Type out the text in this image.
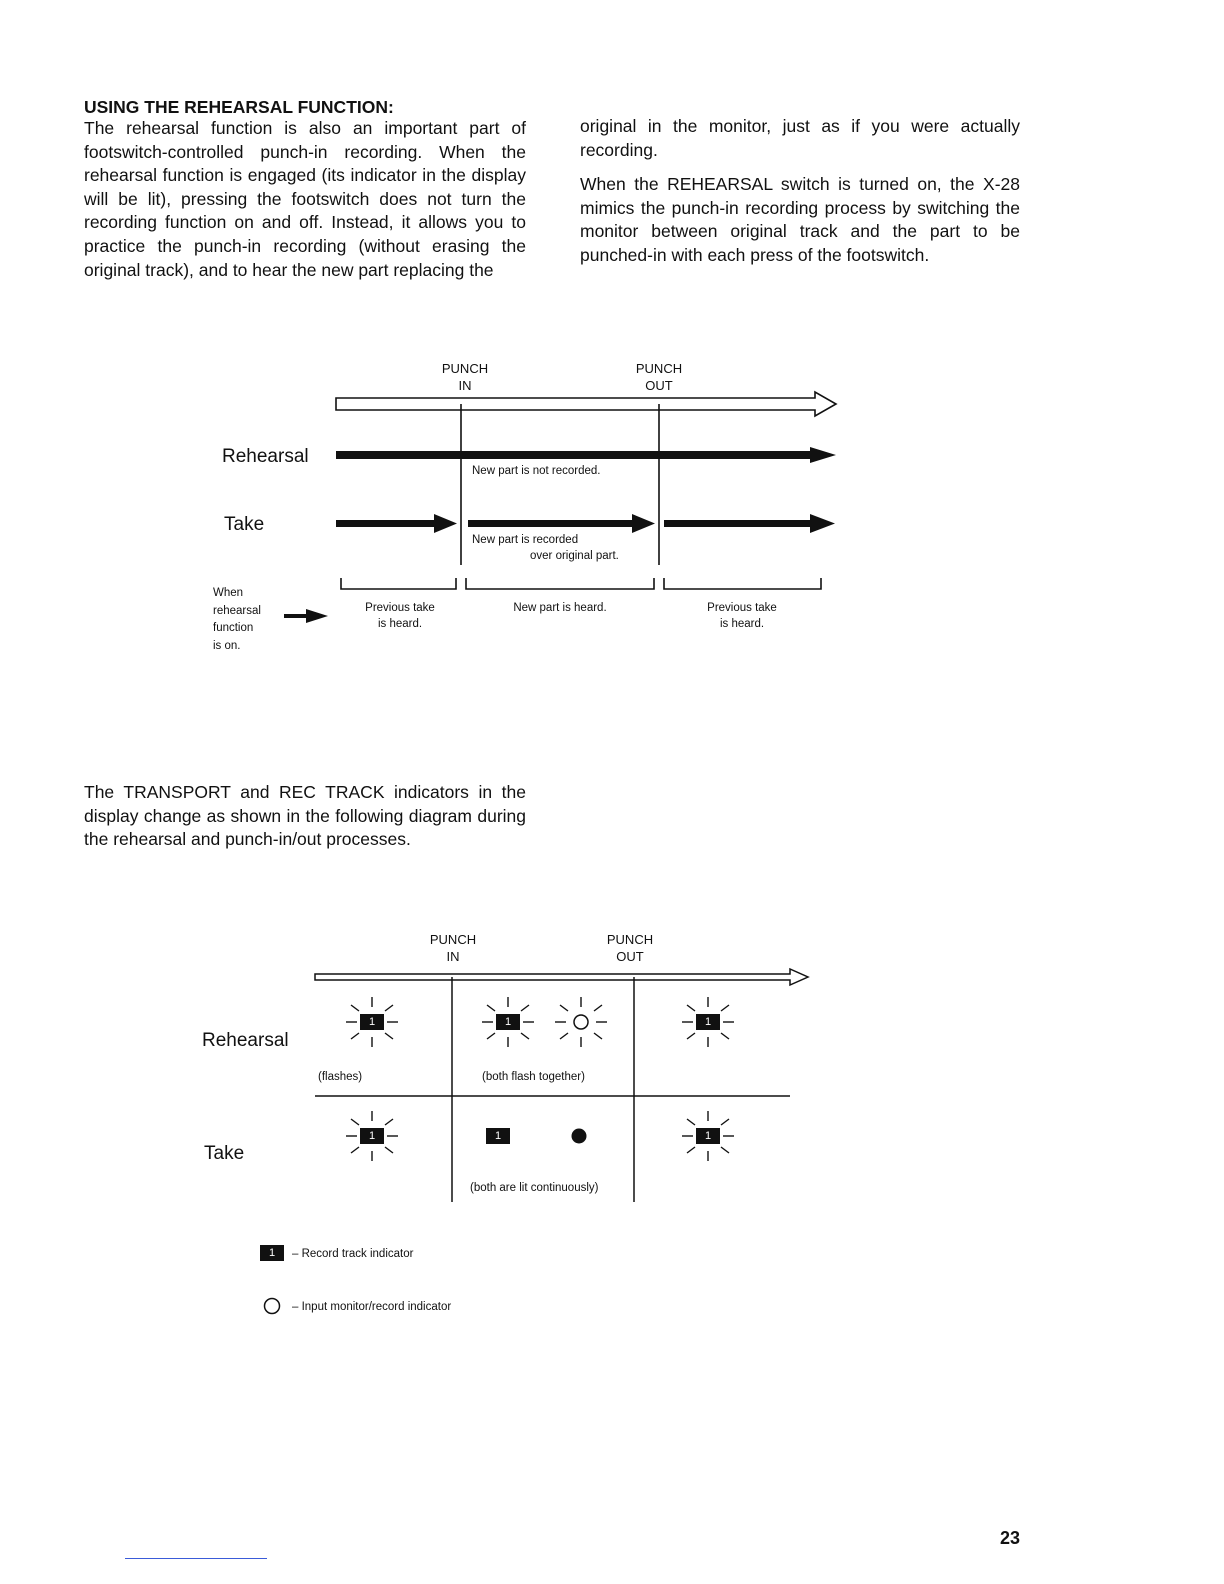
USING THE REHEARSAL FUNCTION:

The rehearsal function is also an important part of footswitch-controlled punch-in recording. When the rehearsal function is engaged (its indicator in the display will be lit), pressing the footswitch does not turn the recording function on and off. Instead, it allows you to practice the punch-in recording (without erasing the original track), and to hear the new part replacing the

original in the monitor, just as if you were actually recording.

When the REHEARSAL switch is turned on, the X-28 mimics the punch-in recording process by switching the monitor between original track and the part to be punched-in with each press of the footswitch.

The TRANSPORT and REC TRACK indicators in the display change as shown in the following diagram during the rehearsal and punch-in/out processes.

PUNCH
IN
PUNCH
OUT
Rehearsal
Take
New part is not recorded.
New part is recorded
over original part.
When
rehearsal
function
is on.
Previous take
is heard.
New part is heard.	Previous take
is heard.
PUNCH
IN
PUNCH
OUT
1	1	1
1	1	1
1
Rehearsal
Take
(flashes)	(both flash together)
(both are lit continuously)
– Record track indicator
– Input monitor/record indicator
23
